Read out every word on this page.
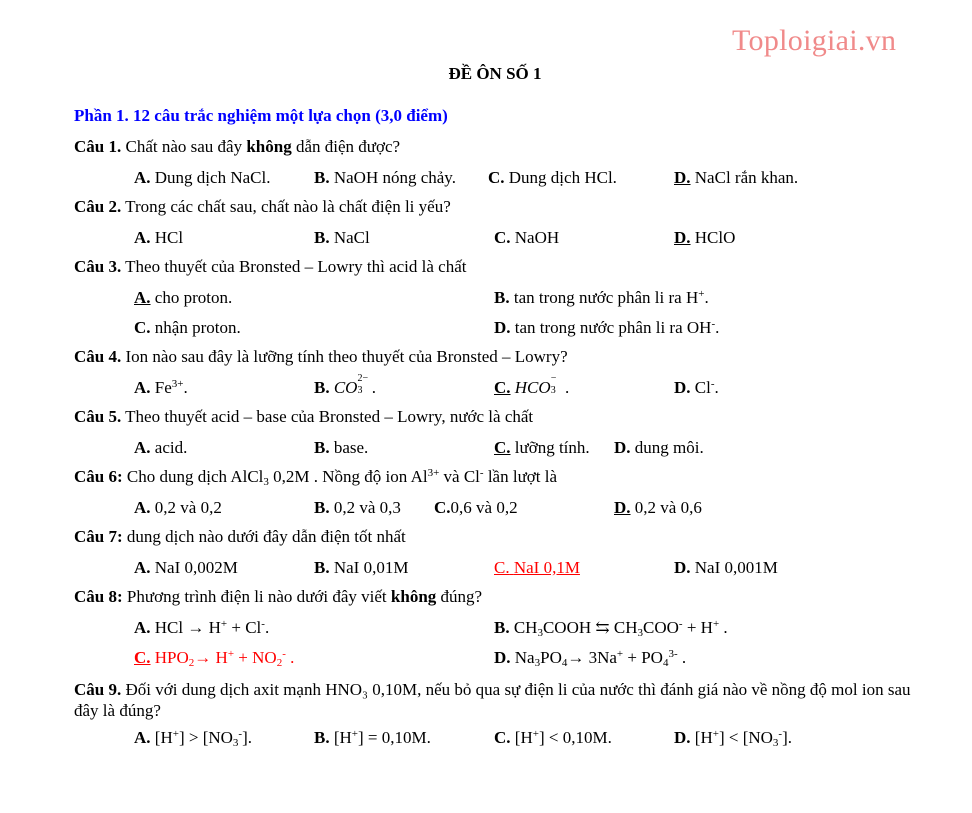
Toploigiai.vn
ĐỀ ÔN SỐ 1
Phần 1. 12 câu trắc nghiệm một lựa chọn (3,0 điểm)
Câu 1. Chất nào sau đây không dẫn điện được?
A. Dung dịch NaCl.	B. NaOH nóng chảy. C. Dung dịch HCl.	D. NaCl rắn khan.
Câu 2. Trong các chất sau, chất nào là chất điện li yếu?
A. HCl	B. NaCl	C. NaOH	D. HClO
Câu 3. Theo thuyết của Bronsted – Lowry thì acid là chất
A. cho proton.	B. tan trong nước phân li ra H+.
C. nhận proton.	D. tan trong nước phân li ra OH-.
Câu 4. Ion nào sau đây là lưỡng tính theo thuyết của Bronsted – Lowry?
A. $Fe^{3+}$.	B. CO 2−
3 .	C. HCO −
3 .	D. Cl-.
Câu 5. Theo thuyết acid – base của Bronsted – Lowry, nước là chất
A. acid.	B. base.	C. lưỡng tính. D. dung môi.
Câu 6: Cho dung dịch AlCl$_3$ 0,2M . Nồng độ ion $Al^{3+}$ và Cl- lần lượt là
A. 0,2 và 0,2	B. 0,2 và 0,3 C.0,6 và 0,2	D. 0,2 và 0,6
Câu 7: dung dịch nào dưới đây dẫn điện tốt nhất
A. NaI 0,002M	B. NaI 0,01M	C. NaI 0,1M	D. NaI 0,001M
Câu 8: Phương trình điện li nào dưới đây viết không đúng?
A. HCl → H+ + Cl-.	B. $CH_3COOH$ ⇆ $CH_3COO^- + H^+$ .
C. $HPO_2\to H^+ + NO_2^-$ .	D. $Na_3PO_4\to 3Na^+ + PO_4^{3-}$ .
Câu 9. Đối với dung dịch axit mạnh HNO₃ 0,10M, nếu bỏ qua sự điện li của nước thì đánh giá nào về nồng độ mol ion sau đây là đúng?
A. $[H^+] > [NO_3^-]$.	B. [H+] = 0,10M.	C. [H+] < 0,10M.	D. $[H^+] < [NO_3^-]$.
